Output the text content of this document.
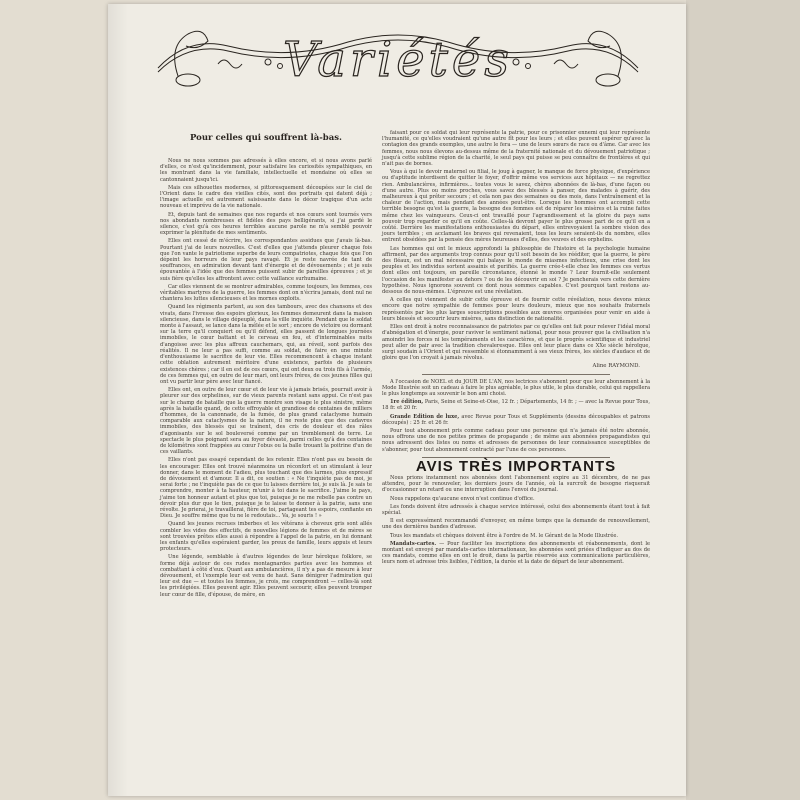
Variétés
Pour celles qui souffrent là-bas.

Nous ne nous sommes pas adressés à elles encore, et si nous avons parlé d'elles, ce n'est qu'incidemment, pour satisfaire les curiosités sympathiques, en les montrant dans la vie familiale, intellectuelle et mondaine où elles se cantonnaient jusqu'ici.

Mais ces silhouettes modernes, si pittoresquement découpées sur le ciel de l'Orient dans le cadre des vieilles cités, sont des portraits qui datent déjà ; l'image actuelle est autrement saisissante dans le décor tragique d'un acte nouveau et imprévu de la vie nationale.

Et, depuis tant de semaines que nos regards et nos cœurs sont tournés vers nos abondants nombreuses et fidèles des pays belligérants, si j'ai gardé le silence, c'est qu'à ces heures terribles aucune parole ne m'a semblé pouvoir exprimer la plénitude de mes sentiments.

Elles ont cessé de m'écrire, les correspondantes assidues que j'avais là-bas. Pourtant j'ai de leurs nouvelles. C'est d'elles que j'attends pleurer chaque fois que l'on vante le patriotisme superbe de leurs compatriotes, chaque fois que l'on dépeint les horreurs de leur pays ravagé. Et je reste navrée de tant de souffrances, en admiration devant tant d'énergie et de dévouements ; et je suis épouvantée à l'idée que des femmes puissent subir de pareilles épreuves ; et je suis fière qu'elles les affrontent avec cette vaillance surhumaine.

Car elles viennent de se montrer admirables, comme toujours, les femmes, ces véritables martyres de la guerre, les femmes dont on n'écrira jamais, dont nul ne chantera les luttes silencieuses et les mornes exploits.

Quand les régiments partent, au son des tambours, avec des chansons et des vivats, dans l'ivresse des espoirs glorieux, les femmes demeurent dans la maison silencieuse, dans le village dépeuplé, dans la ville inquiète. Pendant que le soldat monte à l'assaut, se lance dans la mêlée et le sort ; encore de victoire ou dormant sur la terre qu'il conquiert ou qu'il défend, elles passent de longues journées immobiles, le cœur battant et le cerveau en feu, et d'interminables nuits d'angoisse avec les plus affreux cauchemars, qui, au réveil, sont parfois des réalités. Il ne leur a pas suffi, comme au soldat, de faire en une minute d'enthousiasme le sacrifice de leur vie. Elles recommencent à chaque instant cette oblation autrement méritoire d'une existence, parfois de plusieurs existences chères ; car il en est de ces cœurs, qui ont deux ou trois fils à l'armée, de ces femmes qui, en outre de leur mari, ont leurs frères, de ces jeunes filles qui ont vu partir leur père avec leur fiancé.

Elles ont, en outre de leur cœur et de leur vie à jamais brisés, pourrait avoir à pleurer sur des orphelines, sur de vieux parents restant sans appui. Ce n'est pas sur le champ de bataille que la guerre montre son visage le plus sinistre, même après la bataille quand, de cette effroyable et grandiose de centaines de milliers d'hommes, de la canonnade, de la fumée, de plus grand cataclysme humain comparable aux cataclysmes de la nature, il ne reste plus que des cadavres immobiles, des blessés qui se traînent, des cris de douleur et des râles d'agonisants sur le sol bouleversé comme par un tremblement de terre. Le spectacle le plus poignant sera au foyer dévasté, parmi celles qu'à des centaines de kilomètres sont frappées au cœur l'obus ou la balle trouant la poitrine d'un de ces vaillants.

Elles n'ont pas essayé cependant de les retenir. Elles n'ont pas eu besoin de les encourager. Elles ont trouvé néanmoins un réconfort et un stimulant à leur donner, dans le moment de l'adieu, plus touchant que des larmes, plus expressif de dévouement et d'amour. Il a dit, ce soutien : « Ne t'inquiète pas de moi, je serai forte ; ne t'inquiète pas de ce que tu laisses derrière toi, je suis là. Je sais te comprendre, monter à ta hauteur, m'unir à toi dans le sacrifice. J'aime le pays, j'aime ton honneur autant et plus que toi, puisque je ne me rebelle pas contre un devoir plus dur que le tien, puisque je te laisse te donner à la patrie, sans une révolte. Je prierai, je travaillerai, fière de toi, partageant tes espoirs, confiante en Dieu. Je souffre même que tu ne le redoutais... Va, je souris ! »

Quand les jeunes recrues imberbes et les vétérans à cheveux gris sont allés combler les vides des effectifs, de nouvelles légions de femmes et de mères se sont trouvées prêtes elles aussi à répondre à l'appel de la patrie, en lui donnant les enfants qu'elles espéraient garder, les preux de famille, leurs appuis et leurs protecteurs.

Une légende, semblable à d'autres légendes de leur héroïque folklore, se forme déjà autour de ces rudes montagnardes parties avec les hommes et combattant à côté d'eux. Quant aux ambulancières, il n'y a pas de mesure à leur dévouement, et l'exemple leur est venu de haut. Sans dénigrer l'admiration qui leur est due — et toutes les femmes, je crois, me comprendront — celles-là sont les privilégiées. Elles peuvent agir. Elles peuvent secourir, elles peuvent tromper leur cœur de fille, d'épouse, de mère, en

faisant pour ce soldat qui leur représente la patrie, pour ce prisonnier ennemi qui leur représente l'humanité, ce qu'elles voudraient qu'une autre fît pour les leurs ; et elles peuvent espérer qu'avec la contagion des grands exemples, une autre le fera — une de leurs sœurs de race ou d'âme. Car avec les femmes, nous nous élevons au-dessus même de la fraternité nationale et du dévouement patriotique ; jusqu'à cette sublime région de la charité, le seul pays qui puisse se peu connaître de frontières et qui n'ait pas de bornes.

Vous à qui le devoir maternel ou filial, le joug à gagner, le manque de force physique, d'expérience ou d'aptitude interdisent de quitter le foyer, d'offrir même vos services aux hôpitaux — ne regrettez rien. Ambulancières, infirmières... toutes vous le savez, chères abonnées de là-bas, d'une façon ou d'une autre. Plus ou moins proches, vous savez des blessés à panser, des malades à guérir, des malheureux à qui prêter secours ; et cela non pas des semaines ou des mois, dans l'entraînement et la chaleur de l'action, mais pendant des années peut-être. Lorsque les hommes ont accompli cette terrible besogne qu'est la guerre, la besogne des femmes est de réparer les misères et la ruine faites même chez les vainqueurs. Ceux-ci ont travaillé pour l'agrandissement et la gloire du pays sans pouvoir trop regarder ce qu'il en coûte. Celles-là devront payer le plus grosse part de ce qu'il en a coûté. Derrière les manifestations enthousiastes du départ, elles entrevoyaient la sombre vision des jours terribles ; en acclamant les braves qui revenaient, tous les leurs seraient-ils du nombre, elles entrent obsédées par la pensée des mères heureuses d'elles, des veuves et des orphelins.

Les hommes qui ont le mieux approfondi la philosophie de l'histoire et la psychologie humaine affirment, par des arguments trop connus pour qu'il soit besoin de les rééditer, que la guerre, le père des fléaux, est un mal nécessaire qui balaye le monde de miasmes infectieux, une crise dont les peuples et les individus sortent assainis et purifiés. La guerre crée-t-elle chez les femmes ces vertus dont elles ont toujours, en pareille circonstance, étonné le monde ? Leur fournit-elle seulement l'occasion de les manifester au dehors ? ou de les découvrir en soi ? Je pencherais vers cette dernière hypothèse. Nous ignorons souvent ce dont nous sommes capables. C'est pourquoi tant restons au-dessous de nous-mêmes. L'épreuve est une révélation.

A celles qui viennent de subir cette épreuve et de fournir cette révélation, nous devons mieux encore que notre sympathie de femmes pour leurs douleurs, mieux que nos souhaits fraternels représentés par les plus larges souscriptions possibles aux œuvres organisées pour venir en aide à leurs blessés et secourir leurs misères, sans distinction de nationalité.

Elles ont droit à notre reconnaissance de patriotes par ce qu'elles ont fait pour relever l'idéal moral d'abnégation et d'énergie, pour raviver le sentiment national, pour nous prouver que la civilisation n'a amoindri les forces ni les tempéraments et les caractères, et que le progrès scientifique et industriel peut aller de pair avec la tradition chevaleresque. Elles ont leur place dans ce XXe siècle héroïque, surgi soudain à l'Orient et qui ressemble si étonnamment à ses vieux frères, les siècles d'audace et de gloire que l'on croyait à jamais révolus.

Aline RAYMOND.

A l'occasion de NOEL et du JOUR DE L'AN, nos lectrices s'abonnent pour que leur abonnement à la Mode Illustrée soit un cadeau à faire le plus agréable, le plus utile, le plus durable, celui qui rappellera le plus longtemps au souvenir le bon ami choisi.

1re édition, Paris, Seine et Seine-et-Oise, 12 fr. ; Départements, 14 fr. ; — avec la Revue pour Tous, 18 fr. et 20 fr.

Grande Edition de luxe, avec Revue pour Tous et Suppléments (dessins découpables et patrons découpés) : 25 fr. et 26 fr.

Pour tout abonnement pris comme cadeau pour une personne qui n'a jamais été notre abonnée, nous offrons une de nos petites primes de propagande ; de même aux abonnées propagandistes qui nous adressent des listes ou noms et adresses de personnes de leur connaissance susceptibles de s'abonner, pour tout abonnement contracté par l'une de ces personnes.

AVIS TRÈS IMPORTANTS

Nous prions instamment nos abonnées dont l'abonnement expire au 31 décembre, de ne pas attendre, pour le renouveler, les derniers jours de l'année, où la surcroît de besogne risquerait d'occasionner un retard ou une interruption dans l'envoi du journal.

Nous rappelons qu'aucune envoi n'est continue d'office.

Les fonds doivent être adressés à chaque service intéressé, celui des abonnements étant tout à fait spécial.

Il est expressément recommandé d'envoyer, en même temps que la demande de renouvellement, une des dernières bandes d'adresse.

Tous les mandats et chèques doivent être à l'ordre de M. le Gérant de la Mode Illustrée.

Mandats-cartes. — Pour faciliter les inscriptions des abonnements et réabonnements, dont le montant est envoyé par mandats-cartes internationaux, les abonnées sont priées d'indiquer au dos de ces mandats, comme elles en ont le droit, dans la partie réservée aux communications particulières, leurs nom et adresse très lisibles, l'édition, la durée et la date de départ de leur abonnement.
